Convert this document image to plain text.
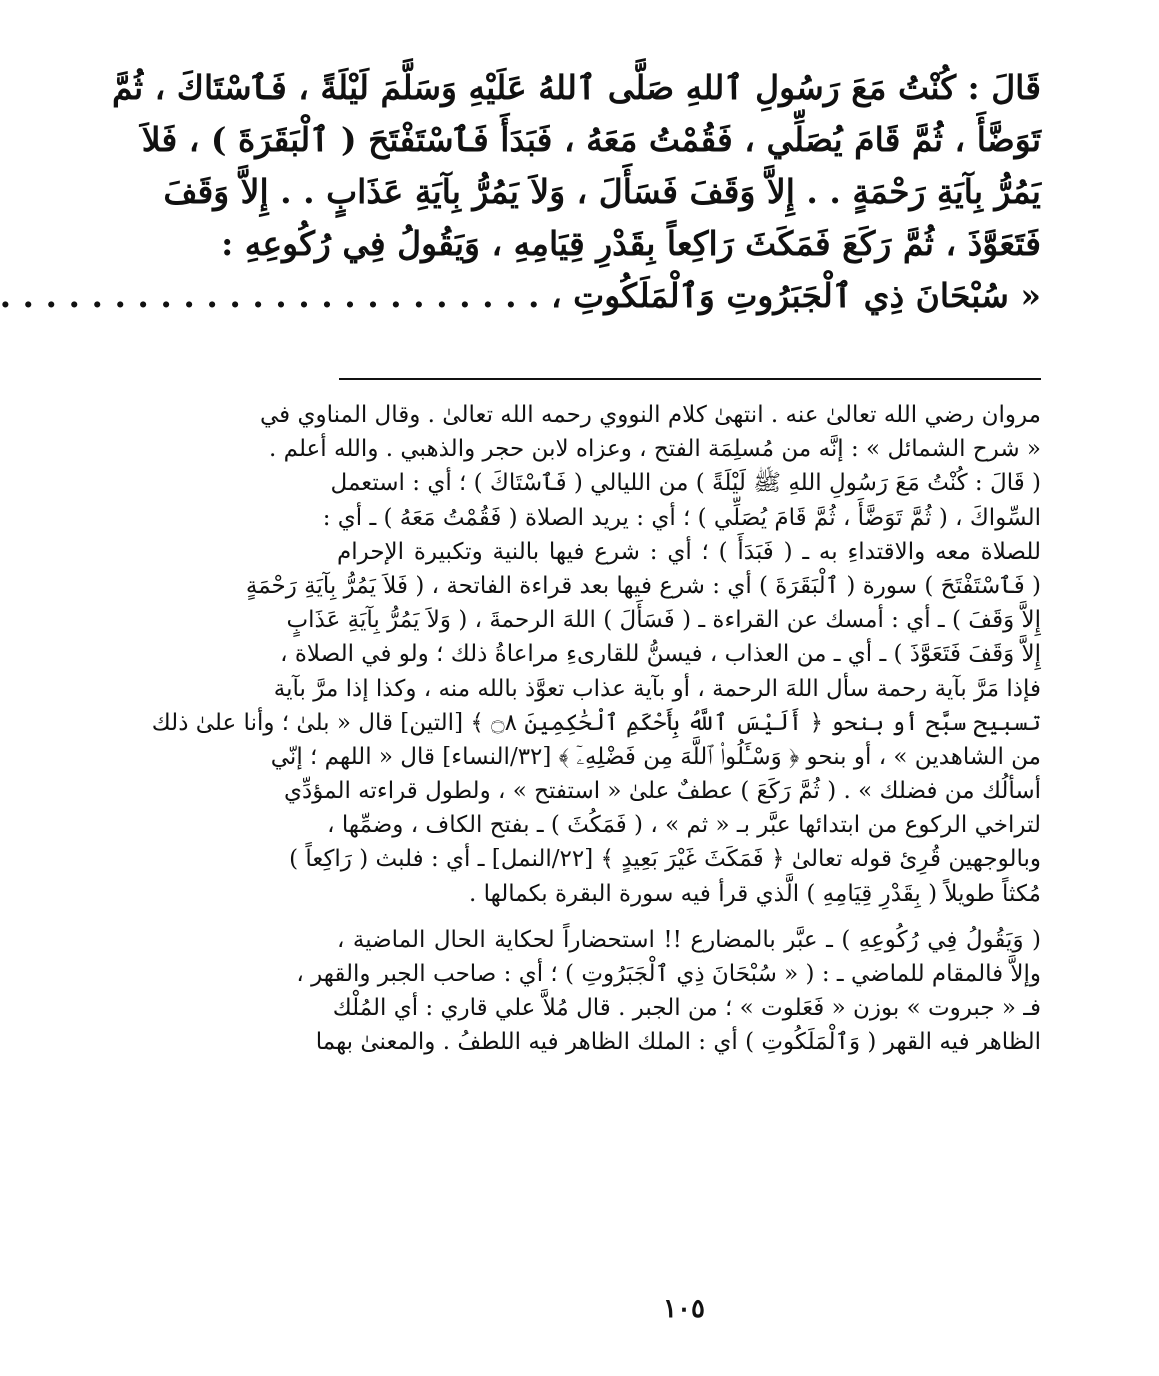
قَالَ : كُنْتُ مَعَ رَسُولِ ٱللهِ صَلَّى ٱللهُ عَلَيْهِ وَسَلَّمَ لَيْلَةً ، فَٱسْتَاكَ ، ثُمَّ
تَوَضَّأَ ، ثُمَّ قَامَ يُصَلِّي ، فَقُمْتُ مَعَهُ ، فَبَدَأَ فَٱسْتَفْتَحَ ( ٱلْبَقَرَةَ ) ، فَلاَ
يَمُرُّ بِآيَةِ رَحْمَةٍ . . إِلاَّ وَقَفَ فَسَأَلَ ، وَلاَ يَمُرُّ بِآيَةِ عَذَابٍ . . إِلاَّ وَقَفَ
فَتَعَوَّذَ ، ثُمَّ رَكَعَ فَمَكَثَ رَاكِعاً بِقَدْرِ قِيَامِهِ ، وَيَقُولُ فِي رُكُوعِهِ :
« سُبْحَانَ ذِي ٱلْجَبَرُوتِ وَٱلْمَلَكُوتِ ، . . . . . . . . . . . . . . . . . . . . . . . .
مروان رضي الله تعالىٰ عنه . انتهىٰ كلام النووي رحمه الله تعالىٰ . وقال المناوي في
« شرح الشمائل » : إنَّه من مُسلِمَة الفتح ، وعزاه لابن حجر والذهبي . والله أعلم .
( قَالَ : كُنْتُ مَعَ رَسُولِ اللهِ ﷺ لَيْلَةً ) من الليالي ( فَٱسْتَاكَ ) ؛ أي : استعمل
السِّواكَ ، ( ثُمَّ تَوَضَّأَ ، ثُمَّ قَامَ يُصَلِّي ) ؛ أي : يريد الصلاة ( فَقُمْتُ مَعَهُ ) ـ أي :
للصلاة معه والاقتداءِ به ـ ( فَبَدَأَ ) ؛ أي : شرع فيها بالنية وتكبيرة الإحرام
( فَٱسْتَفْتَحَ ) سورة ( ٱلْبَقَرَةَ ) أي : شرع فيها بعد قراءة الفاتحة ، ( فَلاَ يَمُرُّ بِآيَةِ رَحْمَةٍ
إِلاَّ وَقَفَ ) ـ أي : أمسك عن القراءة ـ ( فَسَأَلَ ) اللهَ الرحمةَ ، ( وَلاَ يَمُرُّ بِآيَةِ عَذَابٍ
إِلاَّ وَقَفَ فَتَعَوَّذَ ) ـ أي ـ من العذاب ، فيسنُّ للقارىءِ مراعاةُ ذلك ؛ ولو في الصلاة ،
فإذا مَرَّ بآية رحمة سأل اللهَ الرحمة ، أو بآية عذاب تعوَّذ بالله منه ، وكذا إذا مرَّ بآية
تسبيح سبَّح أو بنحو ﴿ أَلَيْسَ ٱللَّهُ بِأَحْكَمِ ٱلْحَٰكِمِينَ ۝٨ ﴾ [التين] قال « بلىٰ ؛ وأنا علىٰ ذلك
من الشاهدين » ، أو بنحو ﴿ وَسْـَٔلُوا۟ ٱللَّهَ مِن فَضْلِهِۦٓ ﴾ [٣٢/النساء] قال « اللهم ؛ إنّي
أسألُك من فضلك » . ( ثُمَّ رَكَعَ ) عطفٌ علىٰ « استفتح » ، ولطول قراءته المؤدِّي
لتراخي الركوع من ابتدائها عبَّر بـ « ثم » ، ( فَمَكُثَ ) ـ بفتح الكاف ، وضمِّها ،
وبالوجهين قُرِئ قوله تعالىٰ ﴿ فَمَكَثَ غَيْرَ بَعِيدٍ ﴾ [٢٢/النمل] ـ أي : فلبث ( رَاكِعاً )
مُكثاً طويلاً ( بِقَدْرِ قِيَامِهِ ) الَّذي قرأ فيه سورة البقرة بكمالها .
( وَيَقُولُ فِي رُكُوعِهِ ) ـ عبَّر بالمضارع !! استحضاراً لحكاية الحال الماضية ،
وإلاَّ فالمقام للماضي ـ : ( « سُبْحَانَ ذِي ٱلْجَبَرُوتِ ) ؛ أي : صاحب الجبر والقهر ،
فـ « جبروت » بوزن « فَعَلوت » ؛ من الجبر . قال مُلاَّ علي قاري : أي المُلْك
الظاهر فيه القهر ( وَٱلْمَلَكُوتِ ) أي : الملك الظاهر فيه اللطفُ . والمعنىٰ بهما
١٠٥
